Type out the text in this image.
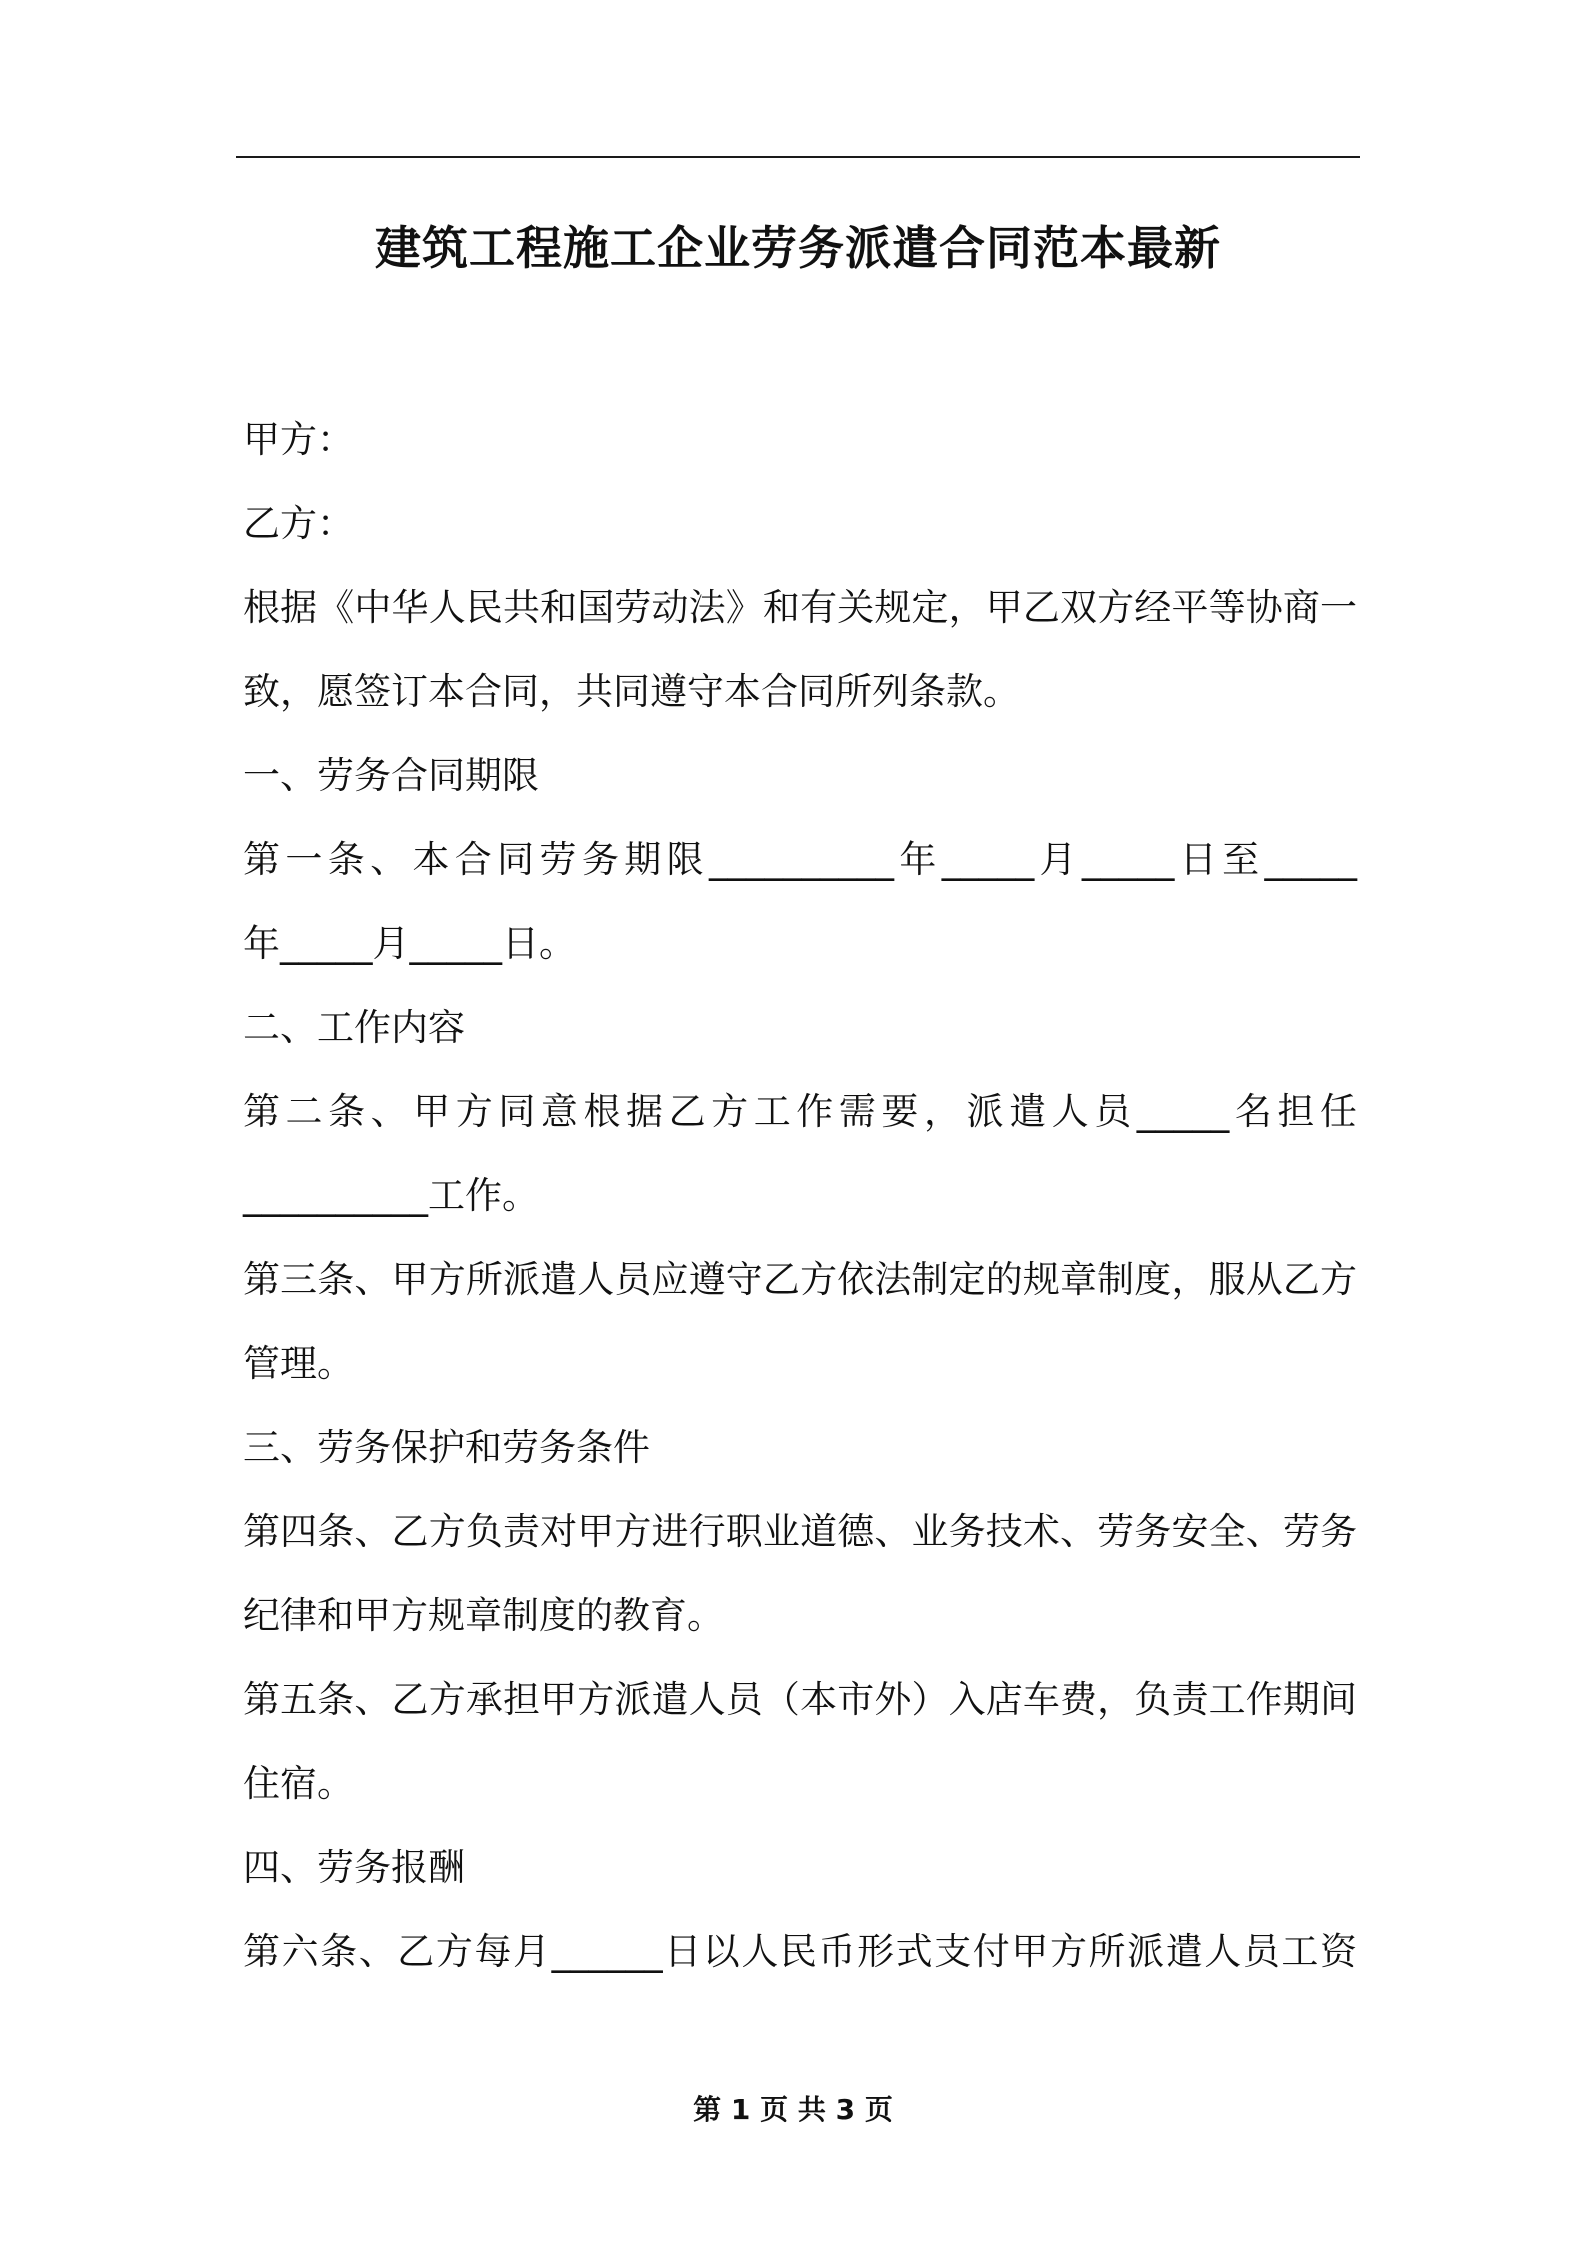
建筑工程施工企业劳务派遣合同范本最新
甲方：
乙方：
根据《中华人民共和国劳动法》和有关规定，甲乙双方经平等协商一
致，愿签订本合同，共同遵守本合同所列条款。
一、劳务合同期限
第一条、本合同劳务期限__________年_____月_____日至_____
年_____月_____日。
二、工作内容
第二条、甲方同意根据乙方工作需要，派遣人员_____名担任
__________工作。
第三条、甲方所派遣人员应遵守乙方依法制定的规章制度，服从乙方
管理。
三、劳务保护和劳务条件
第四条、乙方负责对甲方进行职业道德、业务技术、劳务安全、劳务
纪律和甲方规章制度的教育。
第五条、乙方承担甲方派遣人员（本市外）入店车费，负责工作期间
住宿。
四、劳务报酬
第六条、乙方每月______日以人民币形式支付甲方所派遣人员工资
第 1 页 共 3 页
